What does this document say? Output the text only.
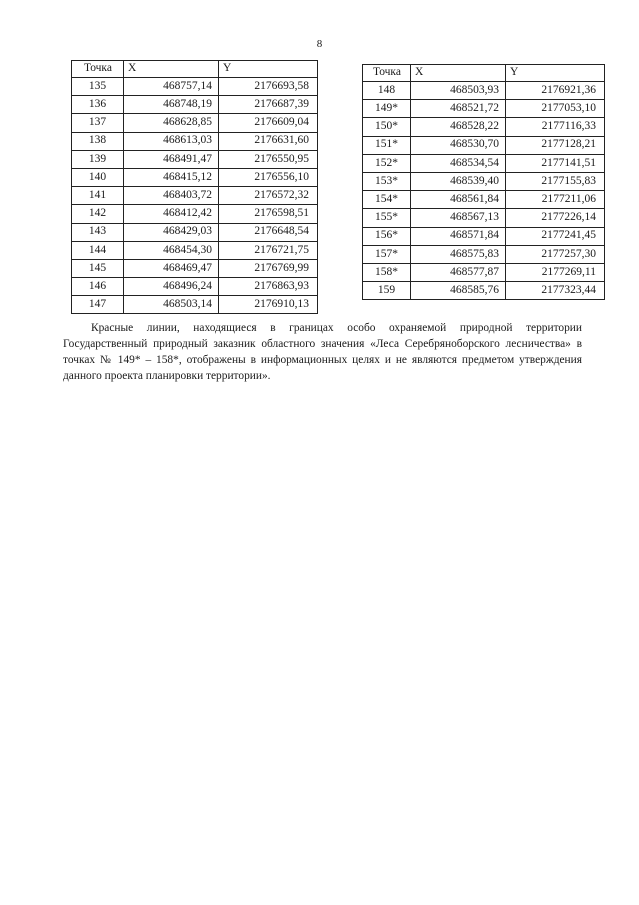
8
Точка	X	Y
135	468757,14	2176693,58
136	468748,19	2176687,39
137	468628,85	2176609,04
138	468613,03	2176631,60
139	468491,47	2176550,95
140	468415,12	2176556,10
141	468403,72	2176572,32
142	468412,42	2176598,51
143	468429,03	2176648,54
144	468454,30	2176721,75
145	468469,47	2176769,99
146	468496,24	2176863,93
147	468503,14	2176910,13
Точка	X	Y
148	468503,93	2176921,36
149*	468521,72	2177053,10
150*	468528,22	2177116,33
151*	468530,70	2177128,21
152*	468534,54	2177141,51
153*	468539,40	2177155,83
154*	468561,84	2177211,06
155*	468567,13	2177226,14
156*	468571,84	2177241,45
157*	468575,83	2177257,30
158*	468577,87	2177269,11
159	468585,76	2177323,44

Красные линии, находящиеся в границах особо охраняемой природной территории Государственный природный заказник областного значения «Леса Серебряноборского лесничества» в точках № 149* – 158*, отображены в информационных целях и не являются предметом утверждения данного проекта планировки территории».
